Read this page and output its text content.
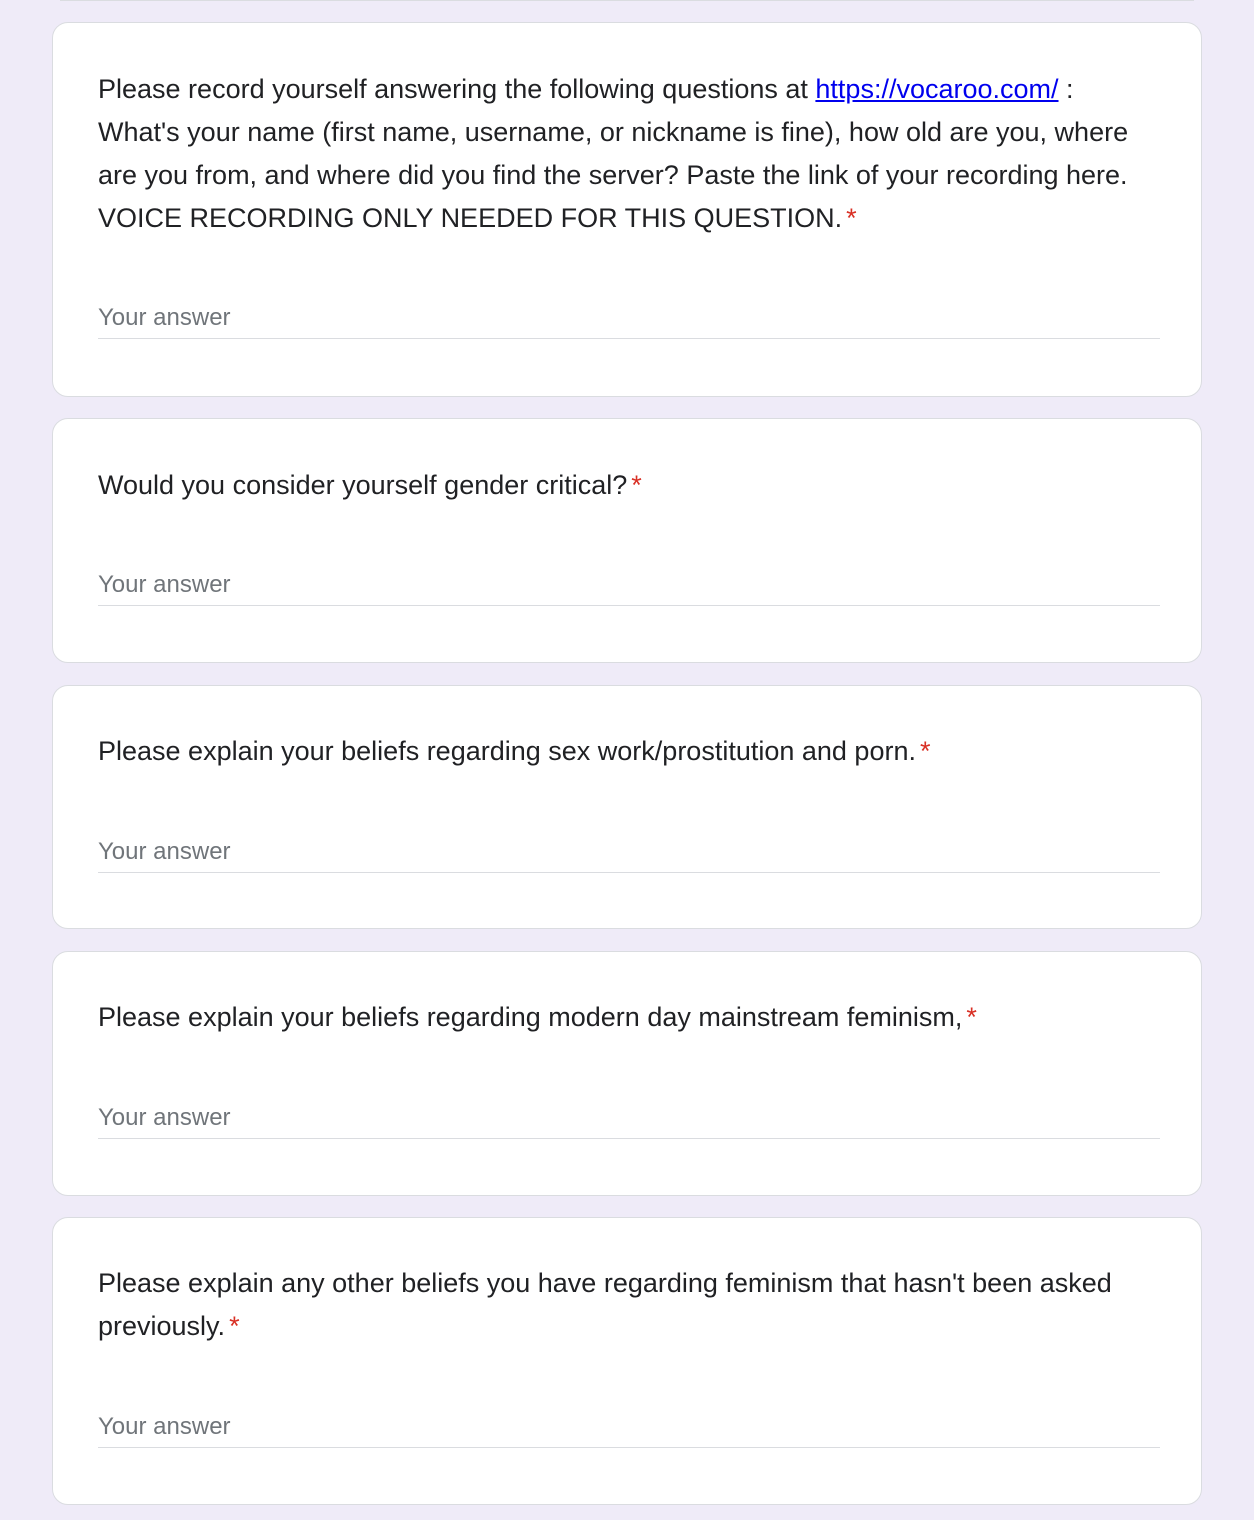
Please record yourself answering the following questions at https://vocaroo.com/ : What's your name (first name, username, or nickname is fine), how old are you, where are you from, and where did you find the server? Paste the link of your recording here. VOICE RECORDING ONLY NEEDED FOR THIS QUESTION. *

Your answer

Would you consider yourself gender critical? *

Your answer

Please explain your beliefs regarding sex work/prostitution and porn. *

Your answer

Please explain your beliefs regarding modern day mainstream feminism, *

Your answer

Please explain any other beliefs you have regarding feminism that hasn't been asked previously. *

Your answer
